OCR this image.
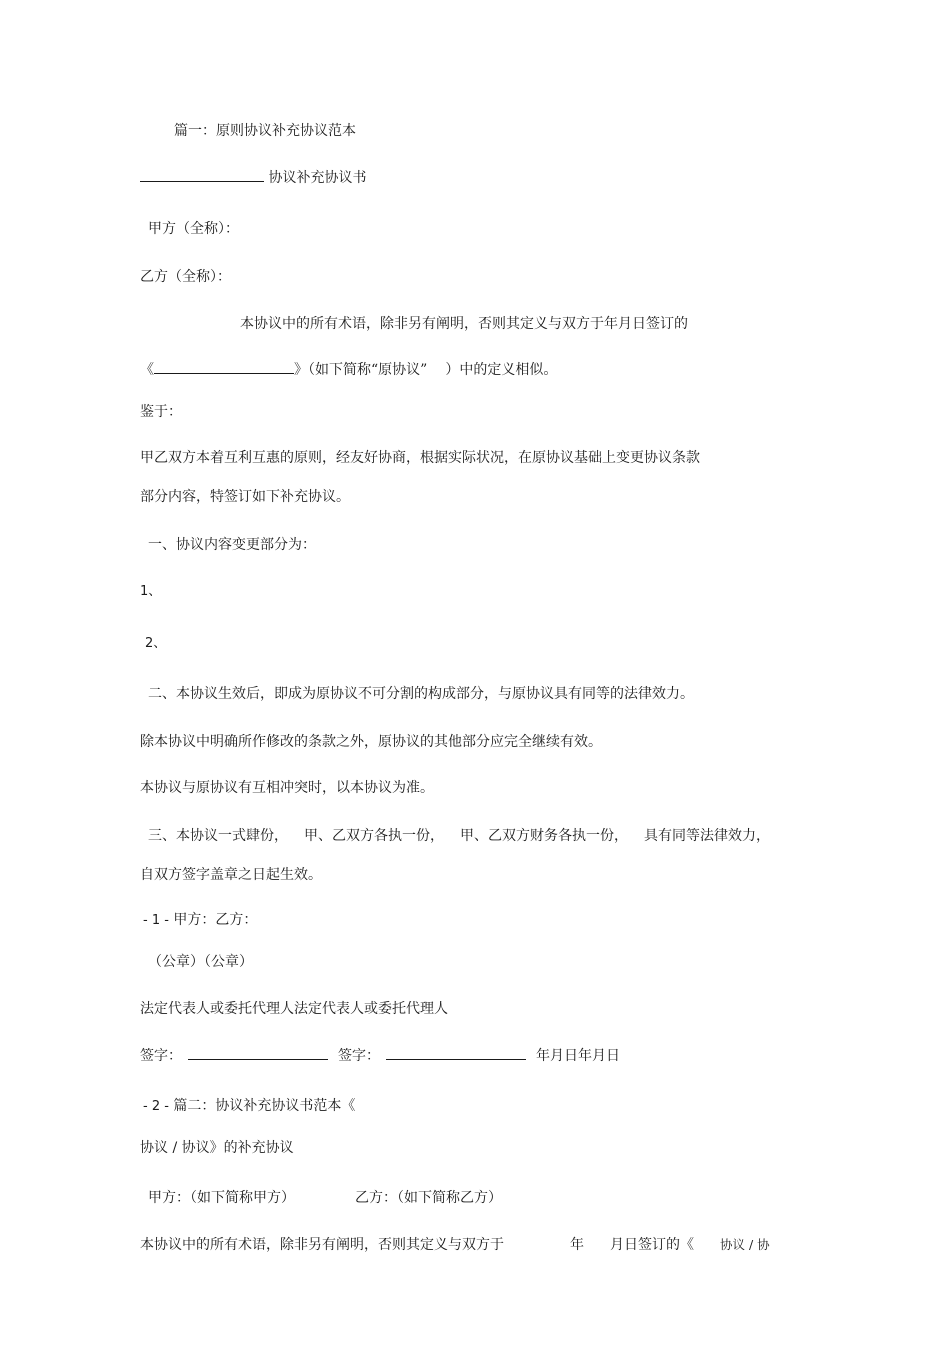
篇一：原则协议补充协议范本
协议补充协议书
甲方（全称）：
乙方（全称）：
本协议中的所有术语，除非另有阐明，否则其定义与双方于年月日签订的
《	》（如下简称“原协议” ）中的定义相似。
鉴于：
甲乙双方本着互利互惠的原则，经友好协商，根据实际状况，在原协议基础上变更协议条款
部分内容，特签订如下补充协议。
一、协议内容变更部分为：
1、
2、
二、本协议生效后，即成为原协议不可分割的构成部分，与原协议具有同等的法律效力。
除本协议中明确所作修改的条款之外，原协议的其他部分应完全继续有效。
本协议与原协议有互相冲突时，以本协议为准。
三、本协议一式肆份， 甲、乙双方各执一份， 甲、乙双方财务各执一份， 具有同等法律效力，
自双方签字盖章之日起生效。
- 1 - 甲方：乙方：
（公章）（公章）
法定代表人或委托代理人法定代表人或委托代理人
签字：	签字：	年月日年月日
- 2 - 篇二：协议补充协议书范本《
协议 / 协议》的补充协议
甲方：（如下简称甲方）	乙方：（如下简称乙方）
本协议中的所有术语，除非另有阐明，否则其定义与双方于	年 月日签订的《 协议 / 协
